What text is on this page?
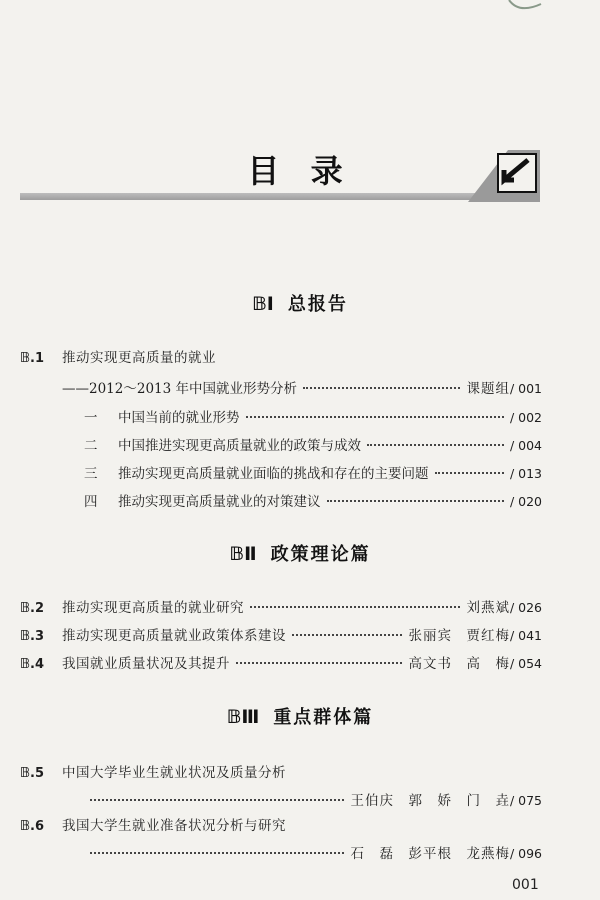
目 录
𝔹Ⅰ 总报告
𝔹.1	推动实现更高质量的就业
——2012～2013 年中国就业形势分析	课题组 / 001
一	中国当前的就业形势	/ 002
二	中国推进实现更高质量就业的政策与成效	/ 004
三	推动实现更高质量就业面临的挑战和存在的主要问题	/ 013
四	推动实现更高质量就业的对策建议	/ 020
𝔹Ⅱ 政策理论篇
𝔹.2	推动实现更高质量的就业研究	刘燕斌 / 026
𝔹.3	推动实现更高质量就业政策体系建设	张丽宾　贾红梅 / 041
𝔹.4	我国就业质量状况及其提升	高文书　高　梅 / 054
𝔹Ⅲ 重点群体篇
𝔹.5	中国大学毕业生就业状况及质量分析
王伯庆　郭　娇　门　垚 / 075
𝔹.6	我国大学生就业准备状况分析与研究
石　磊　彭平根　龙燕梅 / 096
001
